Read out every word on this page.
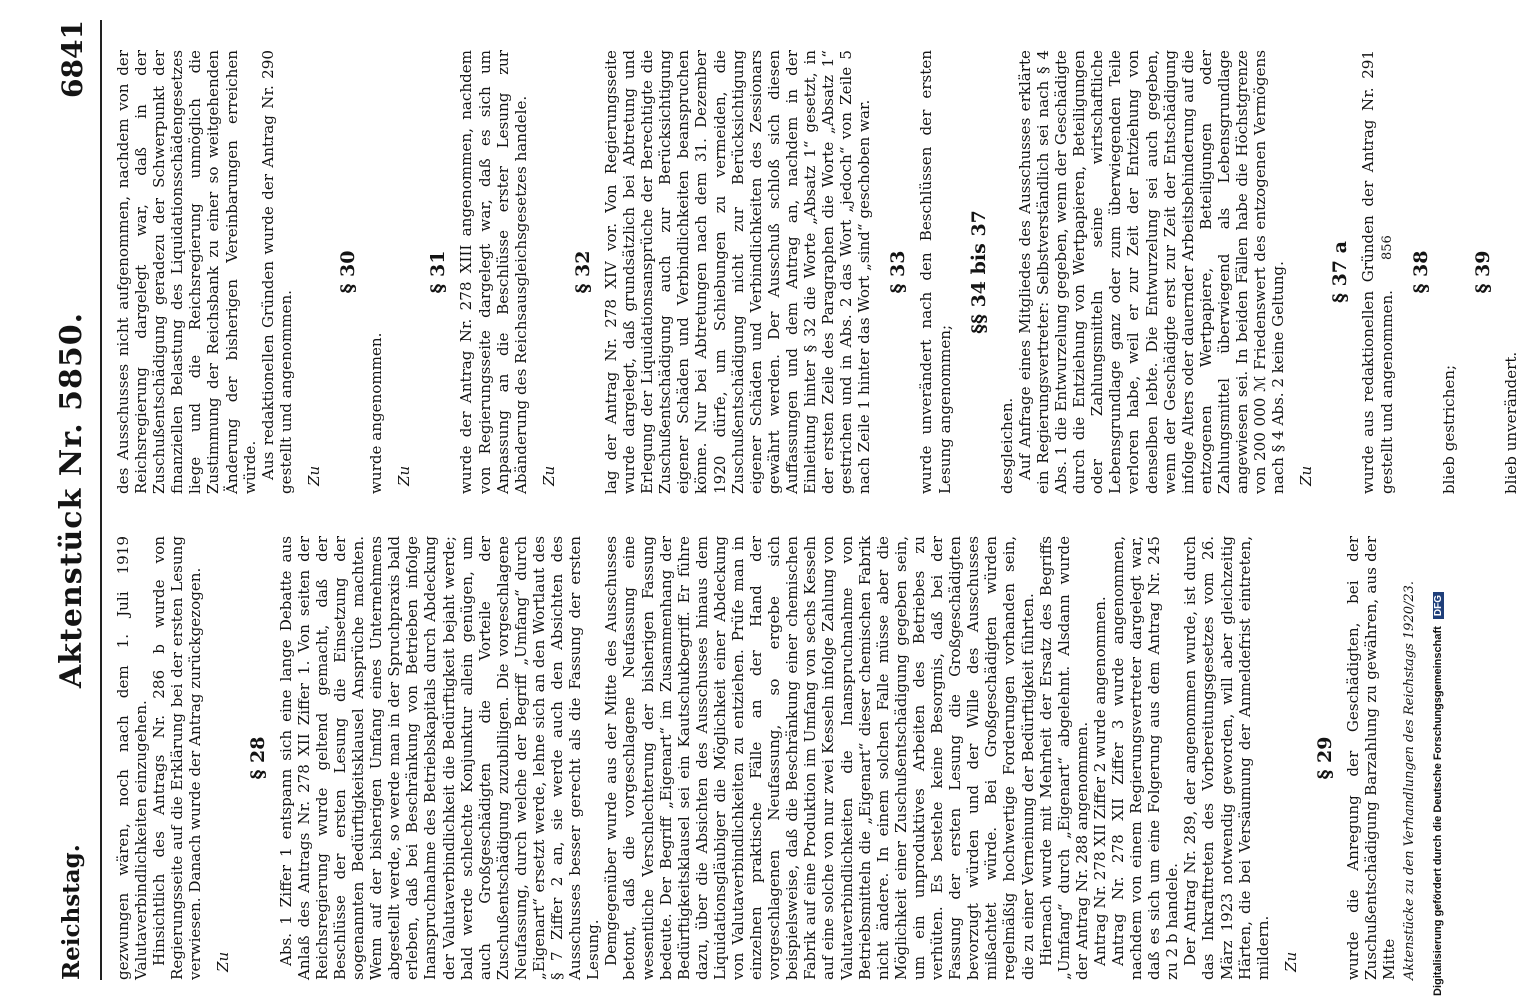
Reichstag.
Aktenstück Nr. 5850.
6841

gezwungen wären, noch nach dem 1. Juli 1919 Valutaverbindlichkeiten einzugehen. Hinsichtlich des Antrags Nr. 286 b wurde von Regierungsseite auf die Erklärung bei der ersten Lesung verwiesen. Danach wurde der Antrag zurückgezogen. Zu
§ 28 Abs. 1 Ziffer 1 entspann sich eine lange Debatte aus Anlaß des Antrags Nr. 278 XII Ziffer 1. Von seiten der Reichsregierung wurde geltend gemacht, daß der Beschlüsse der ersten Lesung die Einsetzung der sogenannten Bedürftigkeitsklausel Ansprüche machten. Wenn auf der bisherigen Umfang eines Unternehmens abgestellt werde, so werde man in der Spruchpraxis bald erleben, daß bei Beschränkung von Betrieben infolge Inanspruchnahme des Betriebskapitals durch Abdeckung der Valutaverbindlichkeit die Bedürftigkeit bejaht werde; bald werde schlechte Konjunktur allein genügen, um auch Großgeschädigten die Vorteile der Zuschußentschädigung zuzubilligen. Die vorgeschlagene Neufassung, durch welche der Begriff „Umfang“ durch „Eigenart“ ersetzt werde, lehne sich an den Wortlaut des § 7 Ziffer 2 an, sie werde auch den Absichten des Ausschusses besser gerecht als die Fassung der ersten Lesung. Demgegenüber wurde aus der Mitte des Ausschusses betont, daß die vorgeschlagene Neufassung eine wesentliche Verschlechterung der bisherigen Fassung bedeute. Der Begriff „Eigenart“ im Zusammenhang der Bedürftigkeitsklausel sei ein Kautschukbegriff. Er führe dazu, über die Absichten des Ausschusses hinaus dem Liquidationsgläubiger die Möglichkeit einer Abdeckung von Valutaverbindlichkeiten zu entziehen. Prüfe man in einzelnen praktische Fälle an der Hand der vorgeschlagenen Neufassung, so ergebe sich beispielsweise, daß die Beschränkung einer chemischen Fabrik auf eine Produktion im Umfang von sechs Kesseln auf eine solche von nur zwei Kesseln infolge Zahlung von Valutaverbindlichkeiten die Inanspruchnahme von Betriebsmitteln die „Eigenart“ dieser chemischen Fabrik nicht ändere. In einem solchen Falle müsse aber die Möglichkeit einer Zuschußentschädigung gegeben sein, um ein unproduktives Arbeiten des Betriebes zu verhüten. Es bestehe keine Besorgnis, daß bei der Fassung der ersten Lesung die Großgeschädigten bevorzugt würden und der Wille des Ausschusses mißachtet würde. Bei Großgeschädigten würden regelmäßig hochwertige Forderungen vorhanden sein, die zu einer Verneinung der Bedürftigkeit führten. Hiernach wurde mit Mehrheit der Ersatz des Begriffs „Umfang“ durch „Eigenart“ abgelehnt. Alsdann wurde der Antrag Nr. 288 angenommen. Antrag Nr. 278 XII Ziffer 2 wurde angenommen. Antrag Nr. 278 XII Ziffer 3 wurde angenommen, nachdem von einem Regierungsvertreter dargelegt war, daß es sich um eine Folgerung aus dem Antrag Nr. 245 zu 2 b handele. Der Antrag Nr. 289, der angenommen wurde, ist durch das Inkrafttreten des Vorbereitungsgesetzes vom 26. März 1923 notwendig geworden, will aber gleichzeitig Härten, die bei Versäumung der Anmeldefrist eintreten, mildern. Zu
§ 29 wurde die Anregung der Geschädigten, bei der Zuschußentschädigung Barzahlung zu gewähren, aus der Mitte

des Ausschusses nicht aufgenommen, nachdem von der Reichsregierung dargelegt war, daß in der Zuschußentschädigung geradezu der Schwerpunkt der finanziellen Belastung des Liquidationsschädengesetzes liege und die Reichsregierung unmöglich die Zustimmung der Reichsbank zu einer so weitgehenden Änderung der bisherigen Vereinbarungen erreichen würde. Aus redaktionellen Gründen wurde der Antrag Nr. 290 gestellt und angenommen. Zu
§ 30

wurde angenommen. Zu
§ 31 wurde der Antrag Nr. 278 XIII angenommen, nachdem von Regierungsseite dargelegt war, daß es sich um Anpassung an die Beschlüsse erster Lesung zur Abänderung des Reichsausgleichsgesetzes handele. Zu
§ 32 lag der Antrag Nr. 278 XIV vor. Von Regierungsseite wurde dargelegt, daß grundsätzlich bei Abtretung und Erlegung der Liquidationsansprüche der Berechtigte die Zuschußentschädigung auch zur Berücksichtigung eigener Schäden und Verbindlichkeiten beanspruchen könne. Nur bei Abtretungen nach dem 31. Dezember 1920 dürfe, um Schiebungen zu vermeiden, die Zuschußentschädigung nicht zur Berücksichtigung eigener Schäden und Verbindlichkeiten des Zessionars gewährt werden. Der Ausschuß schloß sich diesen Auffassungen und dem Antrag an, nachdem in der Einleitung hinter § 32 die Worte „Absatz 1“ gesetzt, in der ersten Zeile des Paragraphen die Worte „Absatz 1“ gestrichen und in Abs. 2 das Wort „jedoch“ von Zeile 5 nach Zeile 1 hinter das Wort „sind“ geschoben war. § 33 wurde unverändert nach den Beschlüssen der ersten Lesung angenommen;

§§ 34 bis 37

desgleichen. Auf Anfrage eines Mitgliedes des Ausschusses erklärte ein Regierungsvertreter: Selbstverständlich sei nach § 4 Abs. 1 die Entwurzelung gegeben, wenn der Geschädigte durch die Entziehung von Wertpapieren, Beteiligungen oder Zahlungsmitteln seine wirtschaftliche Lebensgrundlage ganz oder zum überwiegenden Teile verloren habe, weil er zur Zeit der Entziehung von denselben lebte. Die Entwurzelung sei auch gegeben, wenn der Geschädigte erst zur Zeit der Entschädigung infolge Alters oder dauernder Arbeitsbehinderung auf die entzogenen Wertpapiere, Beteiligungen oder Zahlungsmittel überwiegend als Lebensgrundlage angewiesen sei. In beiden Fällen habe die Höchstgrenze von 200 000 ℳ Friedenswert des entzogenen Vermögens nach § 4 Abs. 2 keine Geltung. Zu
§ 37 a wurde aus redaktionellen Gründen der Antrag Nr. 291 gestellt und angenommen.

§ 38

blieb gestrichen;

§ 39

blieb unverändert.

Aktenstücke zu den Verhandlungen des Reichstags 1920/23.
856
Digitalisierung gefördert durch die Deutsche Forschungsgemeinschaft DFG
